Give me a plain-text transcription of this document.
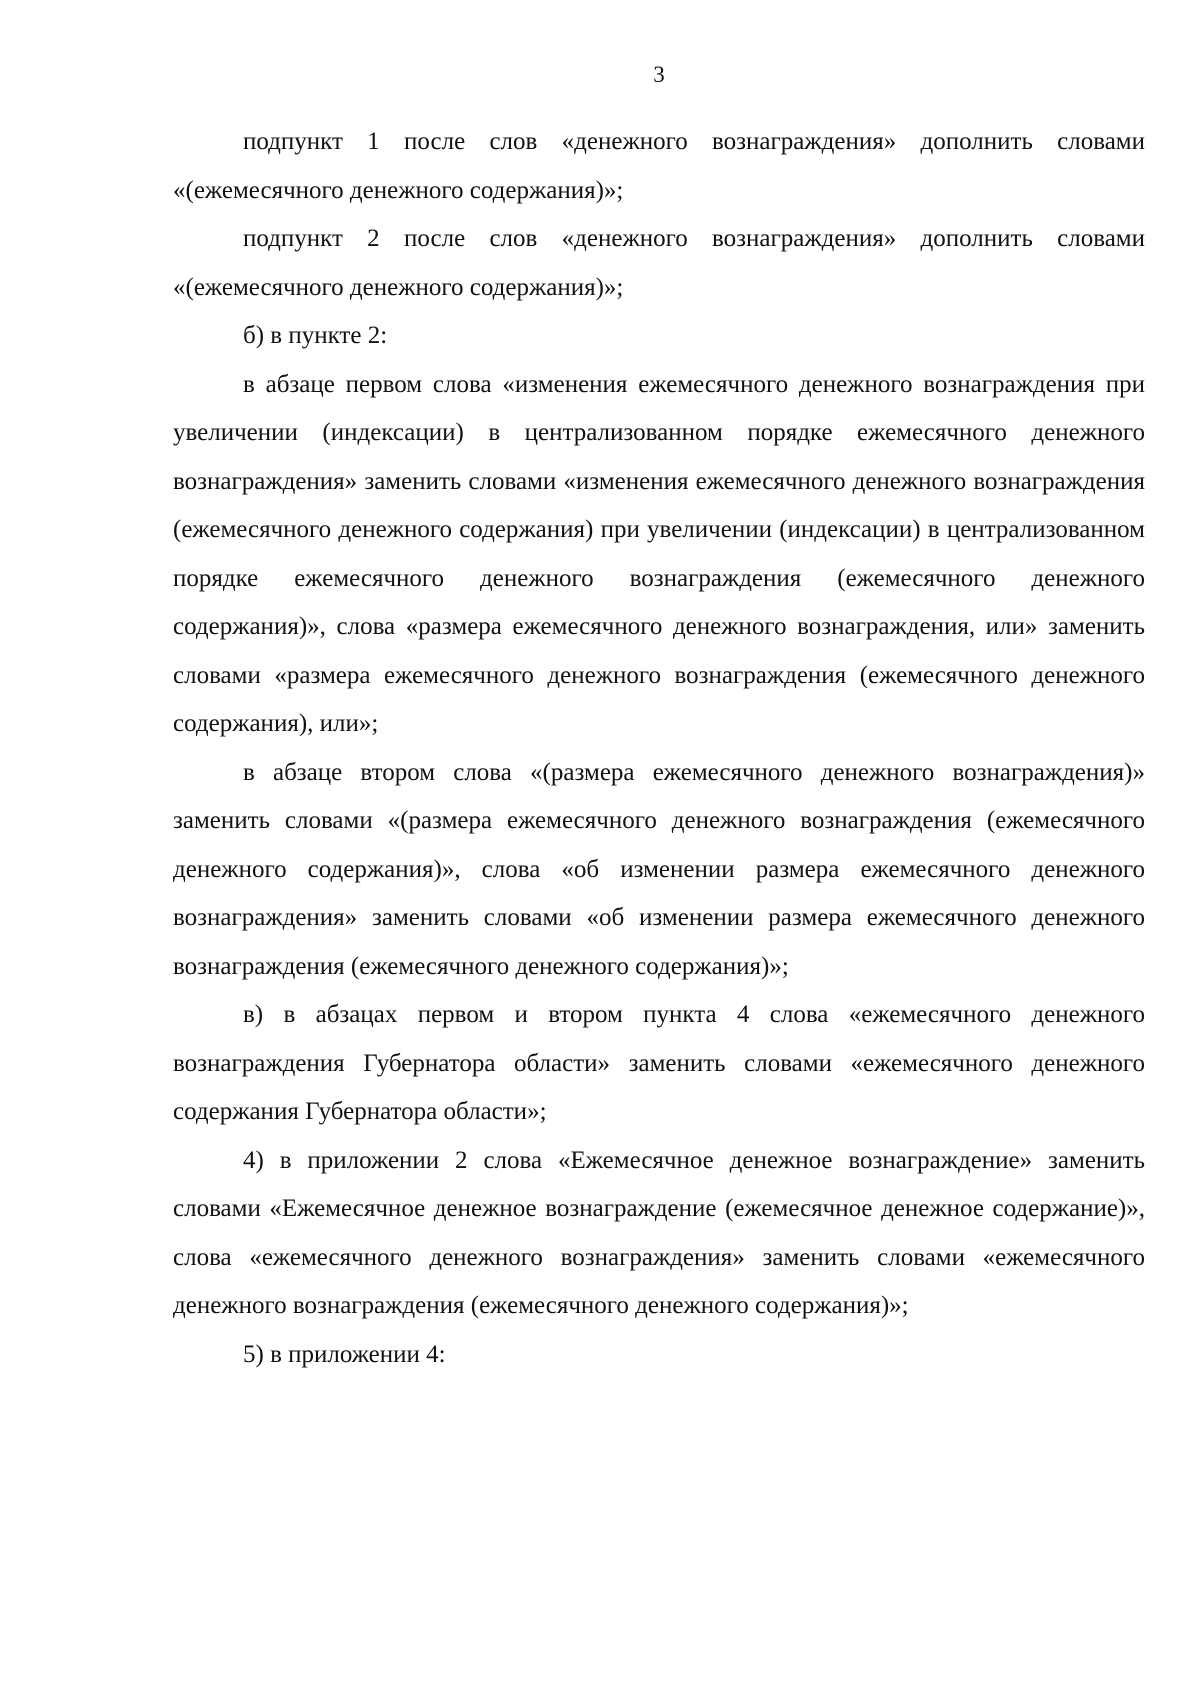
3

подпункт 1 после слов «денежного вознаграждения» дополнить словами «(ежемесячного денежного содержания)»;

подпункт 2 после слов «денежного вознаграждения» дополнить словами «(ежемесячного денежного содержания)»;

б) в пункте 2:

в абзаце первом слова «изменения ежемесячного денежного вознаграждения при увеличении (индексации) в централизованном порядке ежемесячного денежного вознаграждения» заменить словами «изменения ежемесячного денежного вознаграждения (ежемесячного денежного содержания) при увеличении (индексации) в централизованном порядке ежемесячного денежного вознаграждения (ежемесячного денежного содержания)», слова «размера ежемесячного денежного вознаграждения, или» заменить словами «размера ежемесячного денежного вознаграждения (ежемесячного денежного содержания), или»;

в абзаце втором слова «(размера ежемесячного денежного вознаграждения)» заменить словами «(размера ежемесячного денежного вознаграждения (ежемесячного денежного содержания)», слова «об изменении размера ежемесячного денежного вознаграждения» заменить словами «об изменении размера ежемесячного денежного вознаграждения (ежемесячного денежного содержания)»;

в) в абзацах первом и втором пункта 4 слова «ежемесячного денежного вознаграждения Губернатора области» заменить словами «ежемесячного денежного содержания Губернатора области»;

4) в приложении 2 слова «Ежемесячное денежное вознаграждение» заменить словами «Ежемесячное денежное вознаграждение (ежемесячное денежное содержание)», слова «ежемесячного денежного вознаграждения» заменить словами «ежемесячного денежного вознаграждения (ежемесячного денежного содержания)»;

5) в приложении 4:
